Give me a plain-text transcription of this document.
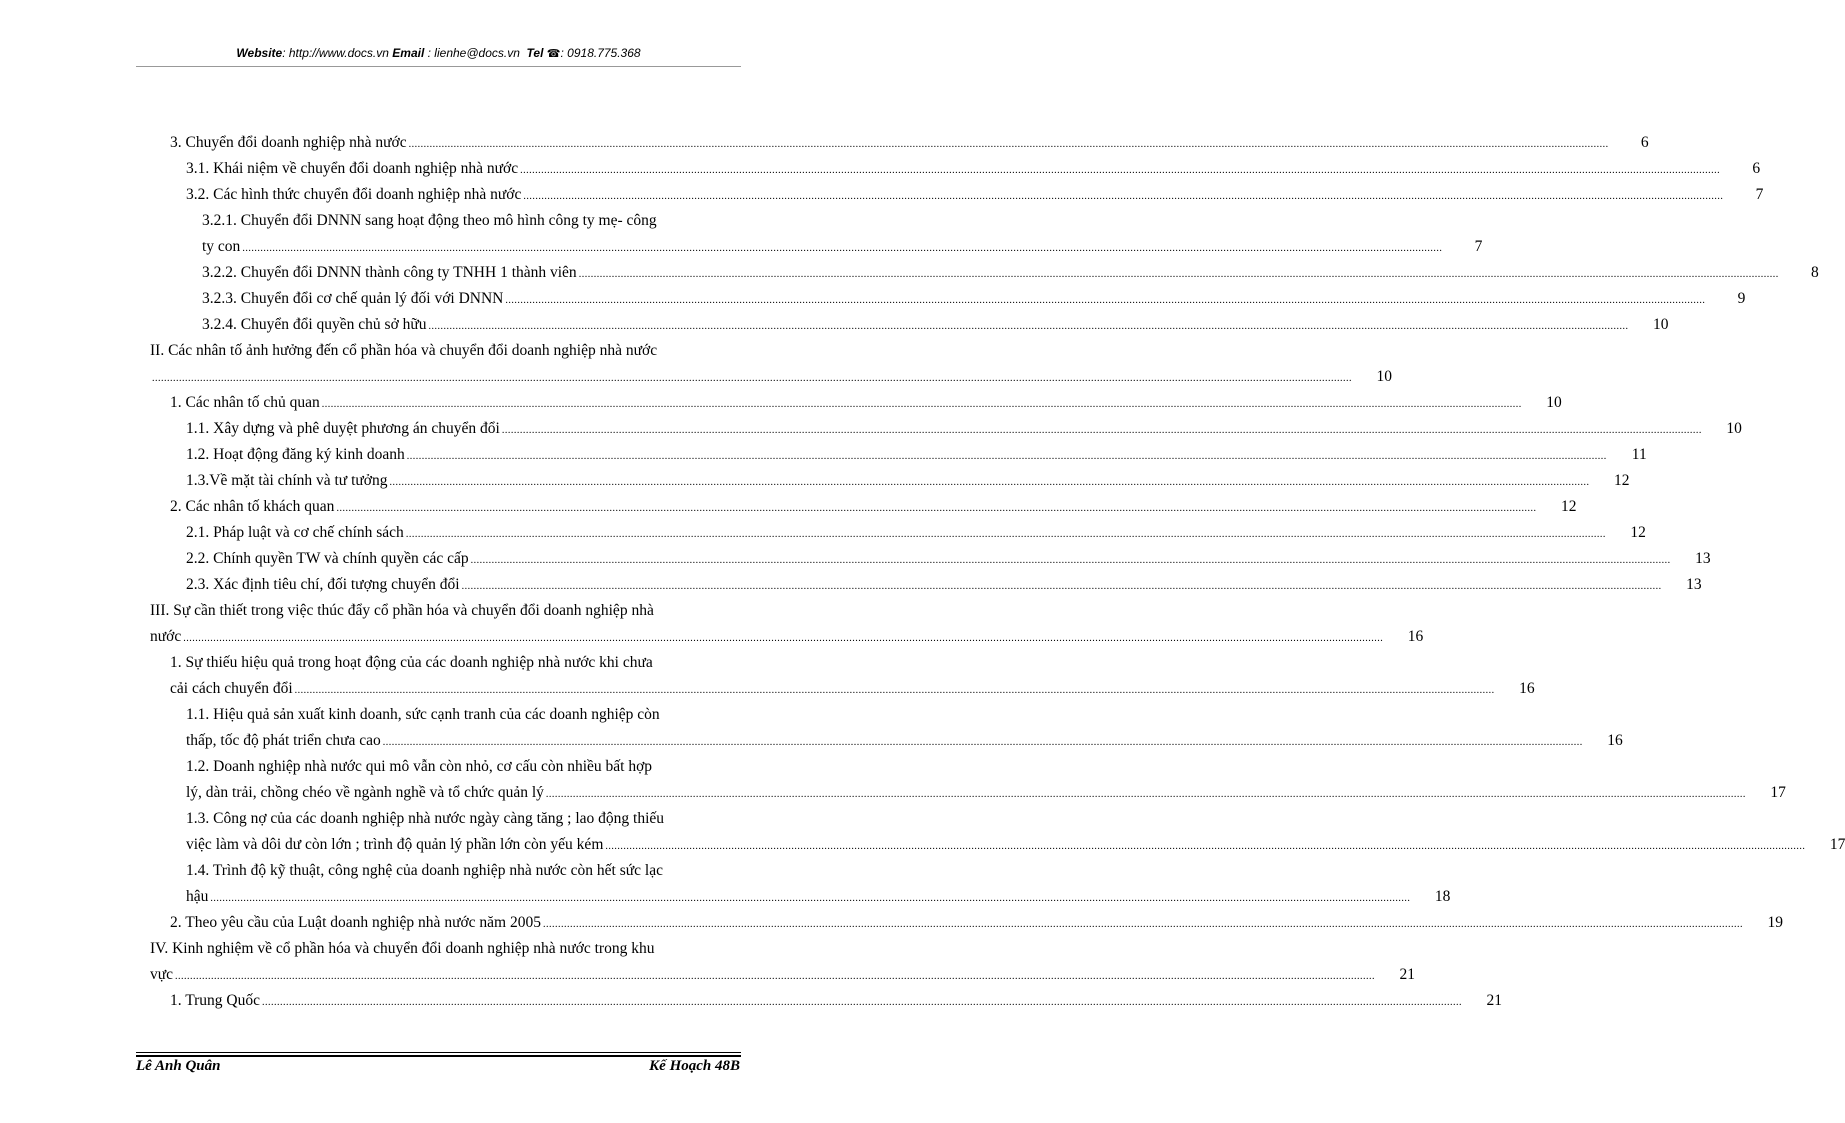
Website: http://www.docs.vn Email : lienhe@docs.vn Tel ☎: 0918.775.368
3. Chuyển đổi doanh nghiệp nhà nước ................................................................................................................................................................................................................................................................................................................................................................................................................	6
3.1. Khái niệm về chuyển đổi doanh nghiệp nhà nước ................................................................................................................................................................................................................................................................................................................................................................................................................	6
3.2. Các hình thức chuyển đổi doanh nghiệp nhà nước ................................................................................................................................................................................................................................................................................................................................................................................................................	7
3.2.1. Chuyển đổi DNNN sang hoạt động theo mô hình công ty mẹ- công
ty con ................................................................................................................................................................................................................................................................................................................................................................................................................	7
3.2.2. Chuyển đổi DNNN thành công ty TNHH 1 thành viên ................................................................................................................................................................................................................................................................................................................................................................................................................	8
3.2.3. Chuyển đổi cơ chế quản lý đối với DNNN ................................................................................................................................................................................................................................................................................................................................................................................................................	9
3.2.4. Chuyển đổi quyền chủ sở hữu ................................................................................................................................................................................................................................................................................................................................................................................................................	10
II. Các nhân tố ảnh hưởng đến cổ phần hóa và chuyển đổi doanh nghiệp nhà nước
................................................................................................................................................................................................................................................................................................................................................................................................................	10
1. Các nhân tố chủ quan ................................................................................................................................................................................................................................................................................................................................................................................................................	10
1.1. Xây dựng và phê duyệt phương án chuyển đổi ................................................................................................................................................................................................................................................................................................................................................................................................................	10
1.2. Hoạt động đăng ký kinh doanh ................................................................................................................................................................................................................................................................................................................................................................................................................	11
1.3.Về mặt tài chính và tư tưởng ................................................................................................................................................................................................................................................................................................................................................................................................................	12
2. Các nhân tố khách quan ................................................................................................................................................................................................................................................................................................................................................................................................................	12
2.1. Pháp luật và cơ chế chính sách ................................................................................................................................................................................................................................................................................................................................................................................................................	12
2.2. Chính quyền TW và chính quyền các cấp ................................................................................................................................................................................................................................................................................................................................................................................................................	13
2.3. Xác định tiêu chí, đối tượng chuyển đổi ................................................................................................................................................................................................................................................................................................................................................................................................................	13
III. Sự cần thiết trong việc thúc đẩy cổ phần hóa và chuyển đổi doanh nghiệp nhà
nước ................................................................................................................................................................................................................................................................................................................................................................................................................	16
1. Sự thiếu hiệu quả trong hoạt động của các doanh nghiệp nhà nước khi chưa
cải cách chuyển đổi ................................................................................................................................................................................................................................................................................................................................................................................................................	16
1.1. Hiệu quả sản xuất kinh doanh, sức cạnh tranh của các doanh nghiệp còn
thấp, tốc độ phát triển chưa cao ................................................................................................................................................................................................................................................................................................................................................................................................................	16
1.2. Doanh nghiệp nhà nước qui mô vẫn còn nhỏ, cơ cấu còn nhiều bất hợp
lý, dàn trải, chồng chéo về ngành nghề và tổ chức quản lý ................................................................................................................................................................................................................................................................................................................................................................................................................	17
1.3. Công nợ của các doanh nghiệp nhà nước ngày càng tăng ; lao động thiếu
việc làm và dôi dư còn lớn ; trình độ quản lý phần lớn còn yếu kém ................................................................................................................................................................................................................................................................................................................................................................................................................	17
1.4. Trình độ kỹ thuật, công nghệ của doanh nghiệp nhà nước còn hết sức lạc
hậu ................................................................................................................................................................................................................................................................................................................................................................................................................	18
2. Theo yêu cầu của Luật doanh nghiệp nhà nước năm 2005 ................................................................................................................................................................................................................................................................................................................................................................................................................	19
IV. Kinh nghiệm về cổ phần hóa và chuyển đổi doanh nghiệp nhà nước trong khu
vực ................................................................................................................................................................................................................................................................................................................................................................................................................	21
1. Trung Quốc ................................................................................................................................................................................................................................................................................................................................................................................................................	21
Lê Anh Quân	Kế Hoạch 48B
